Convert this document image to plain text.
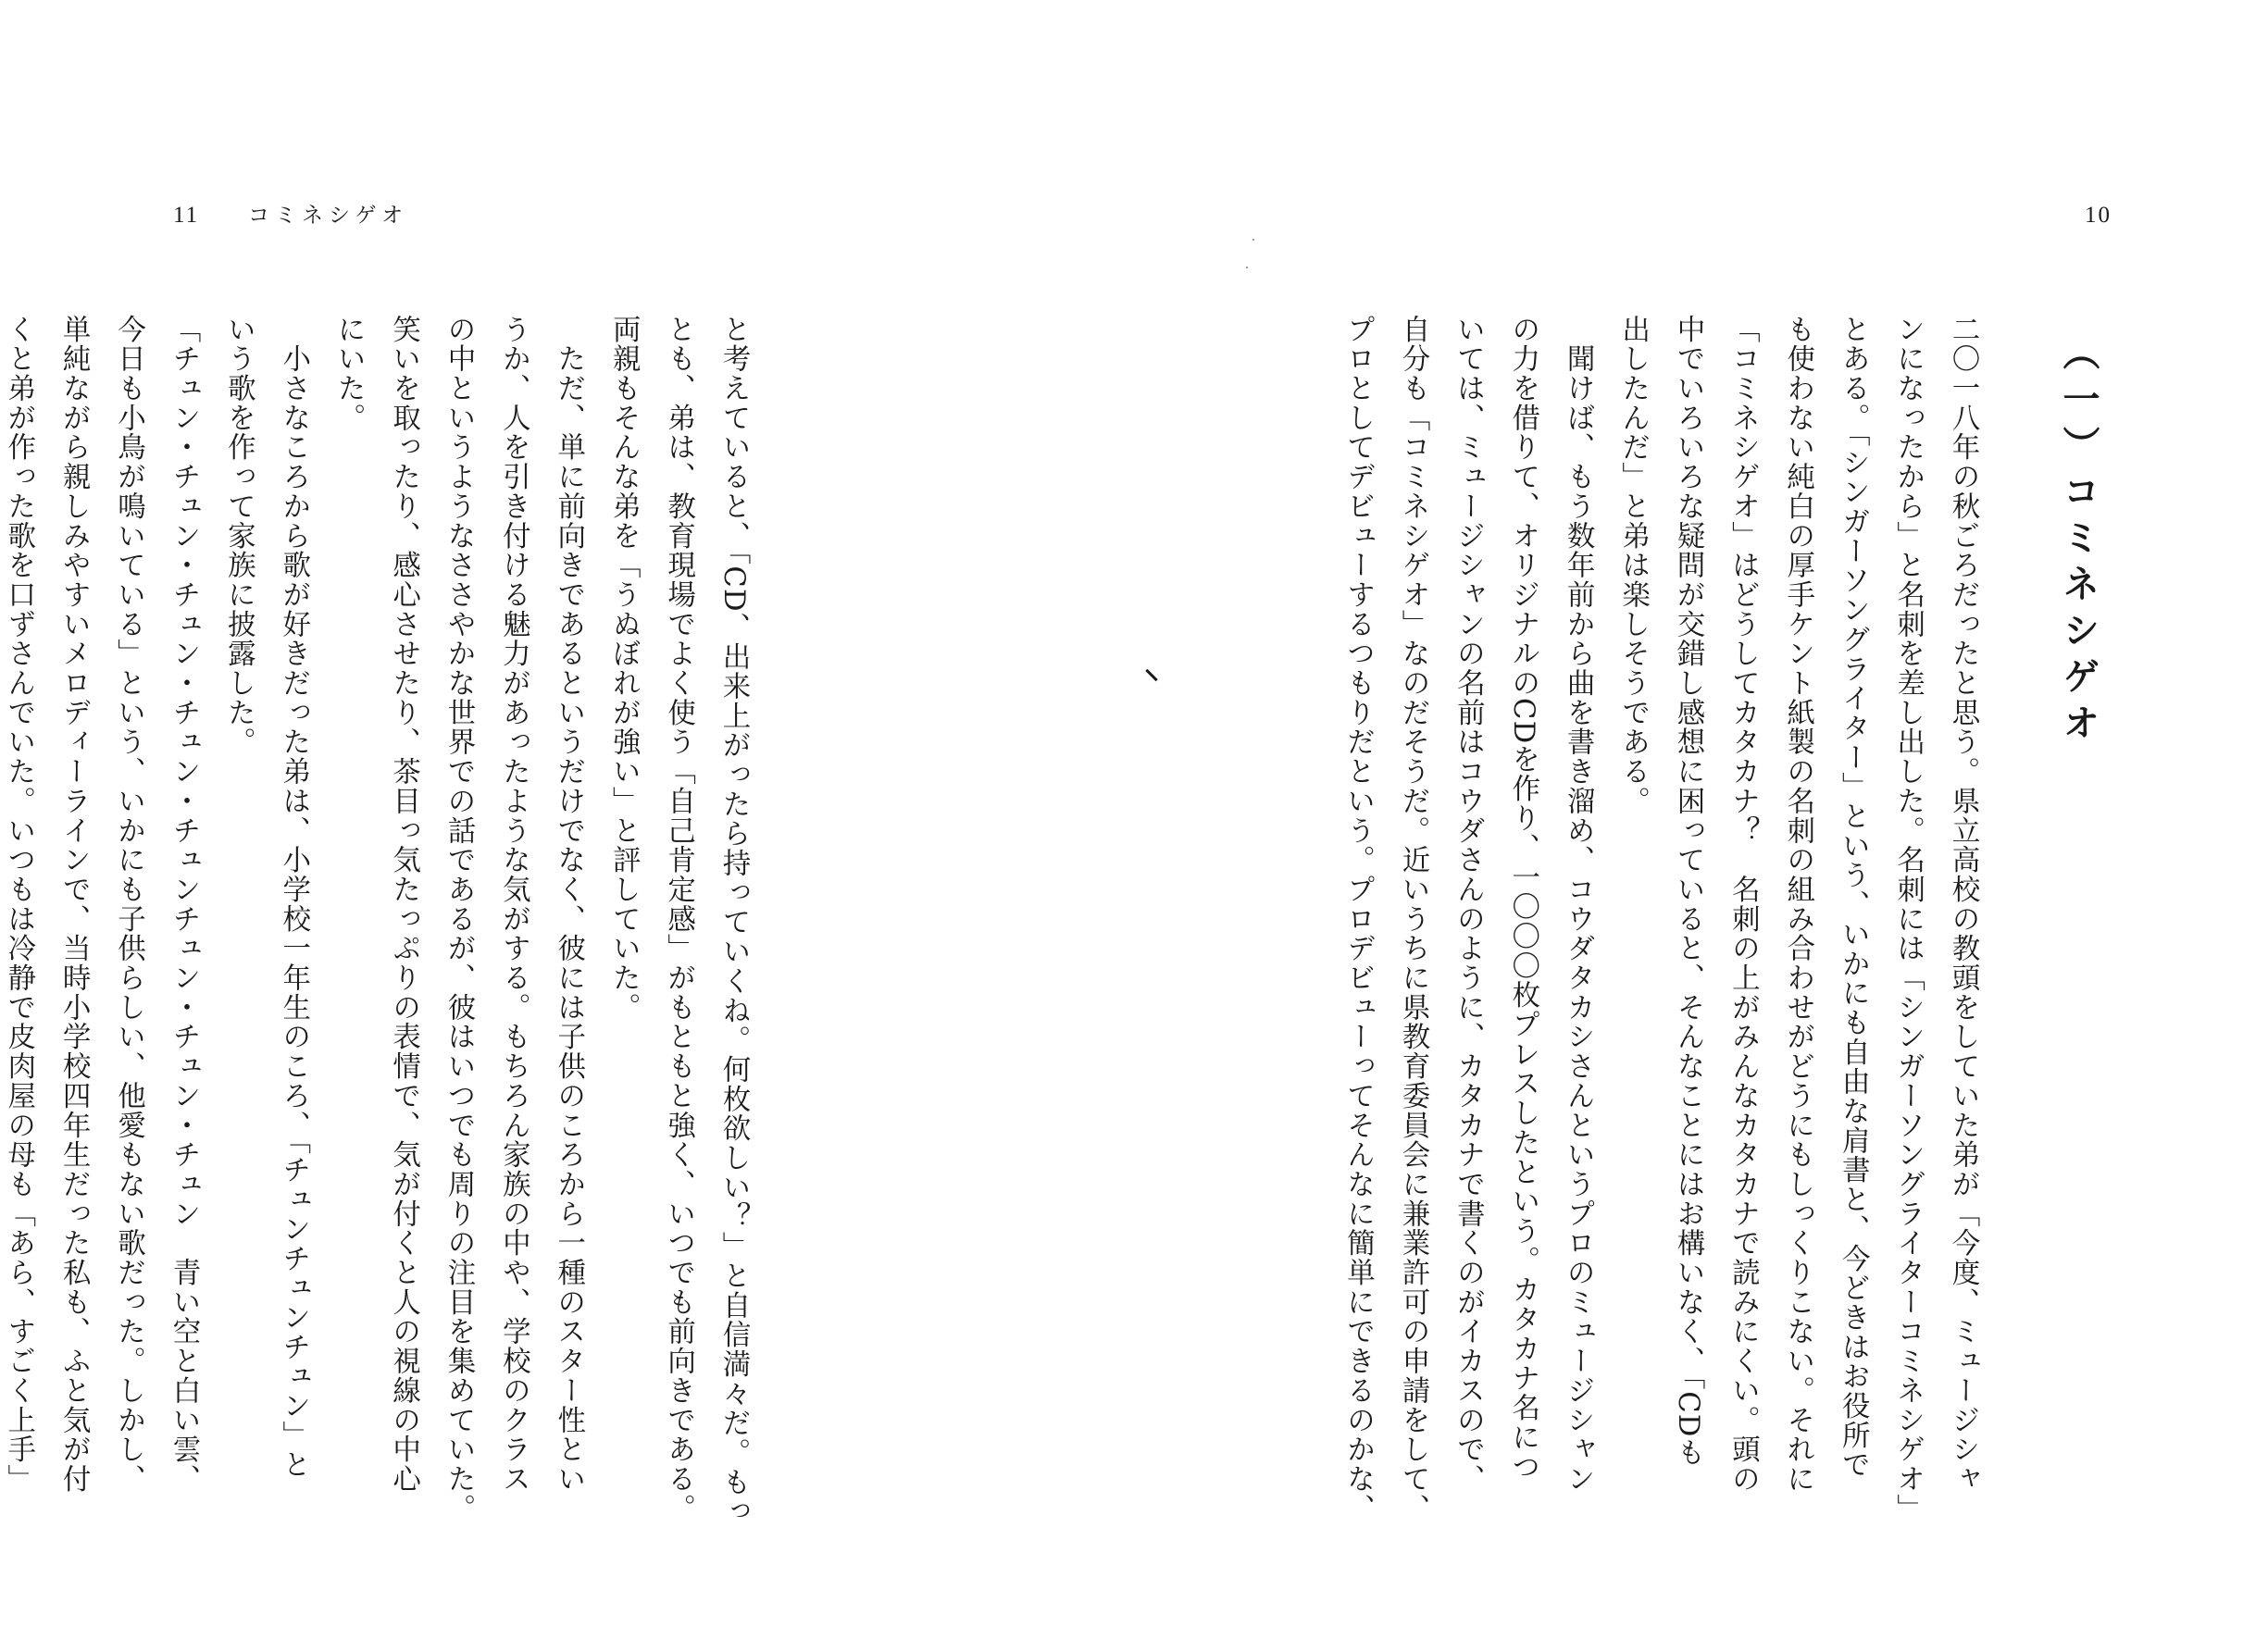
11 コミネシゲオ
と考えていると、「CD、出来上がったら持っていくね。何枚欲しい？」と自信満々だ。もっ
とも、弟は、教育現場でよく使う「自己肯定感」がもともと強く、いつでも前向きである。
両親もそんな弟を「うぬぼれが強い」と評していた。
　ただ、単に前向きであるというだけでなく、彼には子供のころから一種のスター性とい
うか、人を引き付ける魅力があったような気がする。もちろん家族の中や、学校のクラス
の中というようなささやかな世界での話であるが、彼はいつでも周りの注目を集めていた。
笑いを取ったり、感心させたり、茶目っ気たっぷりの表情で、気が付くと人の視線の中心
にいた。
　小さなころから歌が好きだった弟は、小学校一年生のころ、「チュンチュンチュン」と
いう歌を作って家族に披露した。
「チュン・チュン・チュン・チュン・チュンチュン・チュン・チュン　青い空と白い雲、
今日も小鳥が鳴いている」という、いかにも子供らしい、他愛もない歌だった。しかし、
単純ながら親しみやすいメロディーラインで、当時小学校四年生だった私も、ふと気が付
くと弟が作った歌を口ずさんでいた。いつもは冷静で皮肉屋の母も「あら、すごく上手」
10
（一）コミネシゲオ
二〇一八年の秋ごろだったと思う。県立高校の教頭をしていた弟が「今度、ミュージシャ
ンになったから」と名刺を差し出した。名刺には「シンガーソングライターコミネシゲオ」
とある。「シンガーソングライター」という、いかにも自由な肩書と、今どきはお役所で
も使わない純白の厚手ケント紙製の名刺の組み合わせがどうにもしっくりこない。それに
「コミネシゲオ」はどうしてカタカナ？　名刺の上がみんなカタカナで読みにくい。頭の
中でいろいろな疑問が交錯し感想に困っていると、そんなことにはお構いなく、「CDも
出したんだ」と弟は楽しそうである。
　聞けば、もう数年前から曲を書き溜め、コウダタカシさんというプロのミュージシャン
の力を借りて、オリジナルのCDを作り、一〇〇〇枚プレスしたという。カタカナ名につ
いては、ミュージシャンの名前はコウダさんのように、カタカナで書くのがイカスので、
自分も「コミネシゲオ」なのだそうだ。近いうちに県教育委員会に兼業許可の申請をして、
プロとしてデビューするつもりだという。プロデビューってそんなに簡単にできるのかな、
